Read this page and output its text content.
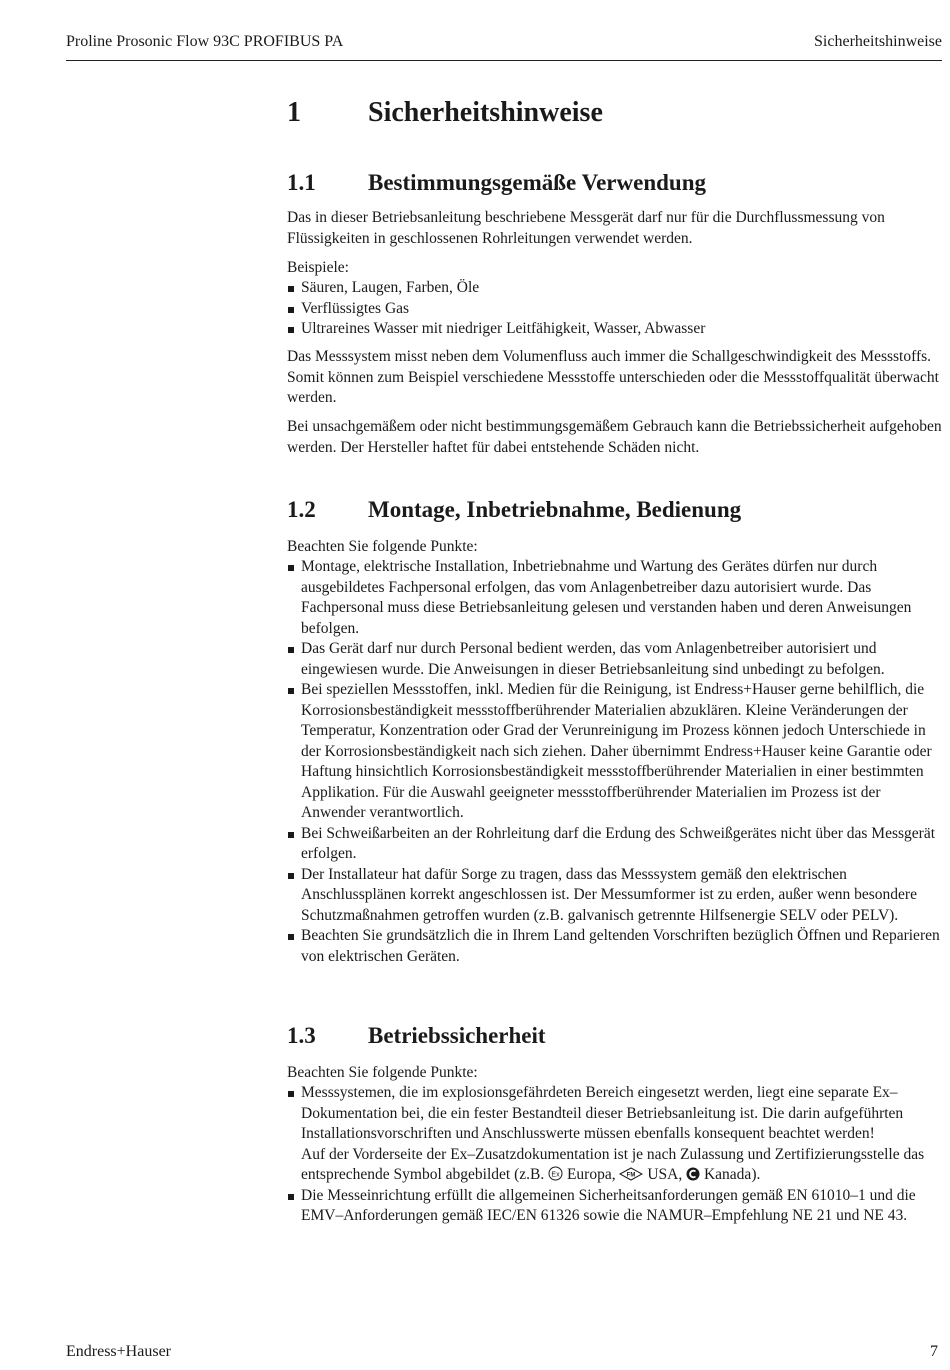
Proline Prosonic Flow 93C PROFIBUS PA	Sicherheitshinweise
1 Sicherheitshinweise
1.1 Bestimmungsgemäße Verwendung

Das in dieser Betriebsanleitung beschriebene Messgerät darf nur für die Durchflussmessung von Flüssigkeiten in geschlossenen Rohrleitungen verwendet werden.

Beispiele:

Säuren, Laugen, Farben, Öle
Verflüssigtes Gas
Ultrareines Wasser mit niedriger Leitfähigkeit, Wasser, Abwasser

Das Messsystem misst neben dem Volumenfluss auch immer die Schallgeschwindigkeit des Messstoffs. Somit können zum Beispiel verschiedene Messstoffe unterschieden oder die Messstoffqualität überwacht werden.

Bei unsachgemäßem oder nicht bestimmungsgemäßem Gebrauch kann die Betriebssicherheit aufgehoben werden. Der Hersteller haftet für dabei entstehende Schäden nicht.

1.2 Montage, Inbetriebnahme, Bedienung

Beachten Sie folgende Punkte:

Montage, elektrische Installation, Inbetriebnahme und Wartung des Gerätes dürfen nur durch ausgebildetes Fachpersonal erfolgen, das vom Anlagenbetreiber dazu autorisiert wurde. Das Fachpersonal muss diese Betriebsanleitung gelesen und verstanden haben und deren Anweisungen befolgen.
Das Gerät darf nur durch Personal bedient werden, das vom Anlagenbetreiber autorisiert und eingewiesen wurde. Die Anweisungen in dieser Betriebsanleitung sind unbedingt zu befolgen.
Bei speziellen Messstoffen, inkl. Medien für die Reinigung, ist Endress+Hauser gerne behilflich, die Korrosionsbeständigkeit messstoffberührender Materialien abzuklären. Kleine Veränderungen der Temperatur, Konzentration oder Grad der Verunreinigung im Prozess können jedoch Unterschiede in der Korrosionsbeständigkeit nach sich ziehen. Daher übernimmt Endress+Hauser keine Garantie oder Haftung hinsichtlich Korrosionsbeständigkeit messstoffberührender Materialien in einer bestimmten Applikation. Für die Auswahl geeigneter messstoffberührender Materialien im Prozess ist der Anwender verantwortlich.
Bei Schweißarbeiten an der Rohrleitung darf die Erdung des Schweißgerätes nicht über das Messgerät erfolgen.
Der Installateur hat dafür Sorge zu tragen, dass das Messsystem gemäß den elektrischen Anschlussplänen korrekt angeschlossen ist. Der Messumformer ist zu erden, außer wenn besondere Schutzmaßnahmen getroffen wurden (z.B. galvanisch getrennte Hilfsenergie SELV oder PELV).
Beachten Sie grundsätzlich die in Ihrem Land geltenden Vorschriften bezüglich Öffnen und Reparieren von elektrischen Geräten.
1.3 Betriebssicherheit

Beachten Sie folgende Punkte:

Messsystemen, die im explosionsgefährdeten Bereich eingesetzt werden, liegt eine separate Ex–Dokumentation bei, die ein fester Bestandteil dieser Betriebsanleitung ist. Die darin aufgeführten Installationsvorschriften und Anschlusswerte müssen ebenfalls konsequent beachtet werden!
Auf der Vorderseite der Ex–Zusatzdokumentation ist je nach Zulassung und Zertifizierungsstelle das entsprechende Symbol abgebildet (z.B. Ex Europa, FM USA, Kanada).
Die Messeinrichtung erfüllt die allgemeinen Sicherheitsanforderungen gemäß EN 61010–1 und die EMV–Anforderungen gemäß IEC/EN 61326 sowie die NAMUR–Empfehlung NE 21 und NE 43.
Endress+Hauser	7
